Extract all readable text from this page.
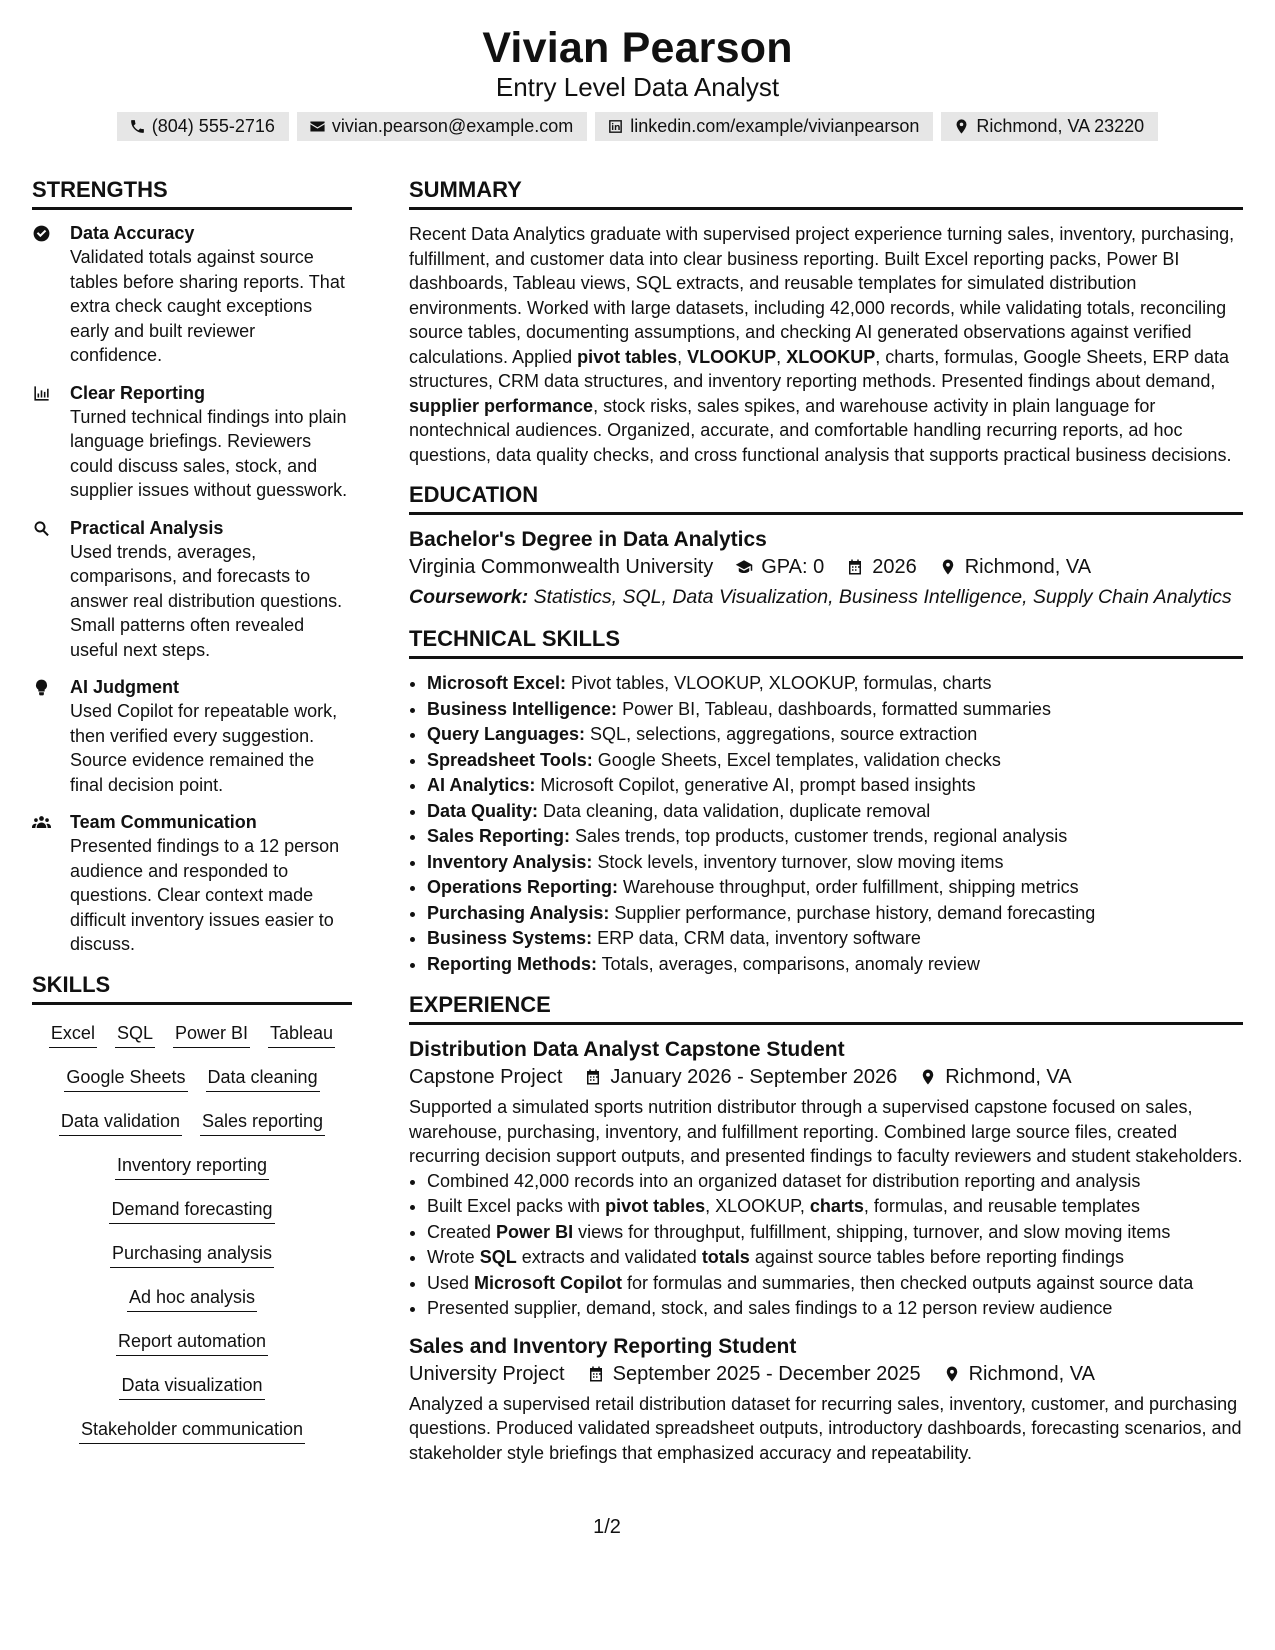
Vivian Pearson
Entry Level Data Analyst
(804) 555-2716	vivian.pearson@example.com	linkedin.com/example/vivianpearson	Richmond, VA 23220
STRENGTHS
Data Accuracy
Validated totals against source tables before sharing reports. That extra check caught exceptions early and built reviewer confidence.
Clear Reporting
Turned technical findings into plain language briefings. Reviewers could discuss sales, stock, and supplier issues without guesswork.
Practical Analysis
Used trends, averages, comparisons, and forecasts to answer real distribution questions. Small patterns often revealed useful next steps.
AI Judgment
Used Copilot for repeatable work, then verified every suggestion. Source evidence remained the final decision point.
Team Communication
Presented findings to a 12 person audience and responded to questions. Clear context made difficult inventory issues easier to discuss.
SKILLS
Excel SQL Power BI Tableau
Google Sheets Data cleaning
Data validation Sales reporting
Inventory reporting
Demand forecasting
Purchasing analysis
Ad hoc analysis
Report automation
Data visualization
Stakeholder communication
SUMMARY
Recent Data Analytics graduate with supervised project experience turning sales, inventory, purchasing, fulfillment, and customer data into clear business reporting. Built Excel reporting packs, Power BI dashboards, Tableau views, SQL extracts, and reusable templates for simulated distribution environments. Worked with large datasets, including 42,000 records, while validating totals, reconciling source tables, documenting assumptions, and checking AI generated observations against verified calculations. Applied pivot tables, VLOOKUP, XLOOKUP, charts, formulas, Google Sheets, ERP data structures, CRM data structures, and inventory reporting methods. Presented findings about demand, supplier performance, stock risks, sales spikes, and warehouse activity in plain language for nontechnical audiences. Organized, accurate, and comfortable handling recurring reports, ad hoc questions, data quality checks, and cross functional analysis that supports practical business decisions.
EDUCATION
Bachelor's Degree in Data Analytics
Virginia Commonwealth University GPA: 0 2026 Richmond, VA
Coursework: Statistics, SQL, Data Visualization, Business Intelligence, Supply Chain Analytics
TECHNICAL SKILLS
• Microsoft Excel: Pivot tables, VLOOKUP, XLOOKUP, formulas, charts
• Business Intelligence: Power BI, Tableau, dashboards, formatted summaries
• Query Languages: SQL, selections, aggregations, source extraction
• Spreadsheet Tools: Google Sheets, Excel templates, validation checks
• AI Analytics: Microsoft Copilot, generative AI, prompt based insights
• Data Quality: Data cleaning, data validation, duplicate removal
• Sales Reporting: Sales trends, top products, customer trends, regional analysis
• Inventory Analysis: Stock levels, inventory turnover, slow moving items
• Operations Reporting: Warehouse throughput, order fulfillment, shipping metrics
• Purchasing Analysis: Supplier performance, purchase history, demand forecasting
• Business Systems: ERP data, CRM data, inventory software
• Reporting Methods: Totals, averages, comparisons, anomaly review
EXPERIENCE
Distribution Data Analyst Capstone Student
Capstone Project January 2026 - September 2026 Richmond, VA
Supported a simulated sports nutrition distributor through a supervised capstone focused on sales, warehouse, purchasing, inventory, and fulfillment reporting. Combined large source files, created recurring decision support outputs, and presented findings to faculty reviewers and student stakeholders.
• Combined 42,000 records into an organized dataset for distribution reporting and analysis
• Built Excel packs with pivot tables, XLOOKUP, charts, formulas, and reusable templates
• Created Power BI views for throughput, fulfillment, shipping, turnover, and slow moving items
• Wrote SQL extracts and validated totals against source tables before reporting findings
• Used Microsoft Copilot for formulas and summaries, then checked outputs against source data
• Presented supplier, demand, stock, and sales findings to a 12 person review audience
Sales and Inventory Reporting Student
University Project September 2025 - December 2025 Richmond, VA
Analyzed a supervised retail distribution dataset for recurring sales, inventory, customer, and purchasing questions. Produced validated spreadsheet outputs, introductory dashboards, forecasting scenarios, and stakeholder style briefings that emphasized accuracy and repeatability.
1/2
